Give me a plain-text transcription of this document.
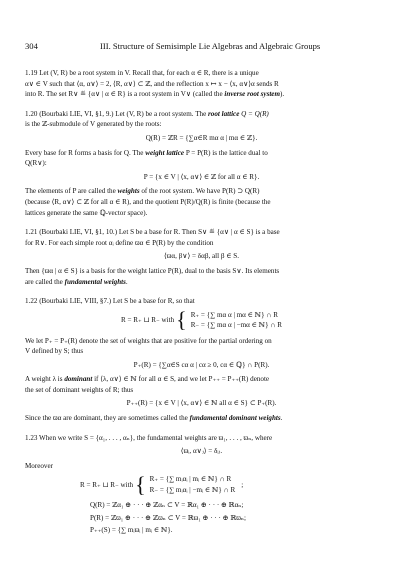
304	III. Structure of Semisimple Lie Algebras and Algebraic Groups
1.19 Let (V, R) be a root system in V. Recall that, for each α ∈ R, there is a unique
α∨ ∈ V such that ⟨α, α∨⟩ = 2, ⟨R, α∨⟩ ⊂ ℤ, and the reflection x ↦ x − ⟨x, α∨⟩α sends R
into R. The set R∨ ≝ {α∨ | α ∈ R} is a root system in V∨ (called the inverse root system).
1.20 (Bourbaki LIE, VI, §1, 9.) Let (V, R) be a root system. The root lattice Q = Q(R)
is the ℤ-submodule of V generated by the roots:
Q(R) = ℤR = {∑α∈R mα α | mα ∈ ℤ}.
Every base for R forms a basis for Q. The weight lattice P = P(R) is the lattice dual to
Q(R∨):
P = {x ∈ V | ⟨x, α∨⟩ ∈ ℤ for all α ∈ R}.
The elements of P are called the weights of the root system. We have P(R) ⊃ Q(R)
(because ⟨R, α∨⟩ ⊂ ℤ for all α ∈ R), and the quotient P(R)/Q(R) is finite (because the
lattices generate the same ℚ-vector space).
1.21 (Bourbaki LIE, VI, §1, 10.) Let S be a base for R. Then S∨ ≝ {α∨ | α ∈ S} is a base
for R∨. For each simple root αᵢ define ϖα ∈ P(R) by the condition
⟨ϖα, β∨⟩ = δαβ, all β ∈ S.
Then {ϖα | α ∈ S} is a basis for the weight lattice P(R), dual to the basis S∨. Its elements
are called the fundamental weights.
1.22 (Bourbaki LIE, VIII, §7.) Let S be a base for R, so that
R = R₊ ⊔ R₋ with { R₊ = {∑ mα α | mα ∈ ℕ} ∩ R
R₋ = {∑ mα α | −mα ∈ ℕ} ∩ R
We let P₊ = P₊(R) denote the set of weights that are positive for the partial ordering on
V defined by S; thus
P₊(R) = {∑α∈S cα α | cα ≥ 0, cα ∈ ℚ} ∩ P(R).
A weight λ is dominant if ⟨λ, α∨⟩ ∈ ℕ for all α ∈ S, and we let P₊₊ = P₊₊(R) denote
the set of dominant weights of R; thus
P₊₊(R) = {x ∈ V | ⟨x, α∨⟩ ∈ ℕ all α ∈ S} ⊂ P₊(R).
Since the ϖα are dominant, they are sometimes called the fundamental dominant weights.
1.23 When we write S = {α₁, . . . , αₙ}, the fundamental weights are ϖ₁, . . . , ϖₙ, where
⟨ϖᵢ, α∨ⱼ⟩ = δᵢⱼ.
Moreover
R = R₊ ⊔ R₋ with { R₊ = {∑ mᵢαᵢ | mᵢ ∈ ℕ} ∩ R
R₋ = {∑ mᵢαᵢ | −mᵢ ∈ ℕ} ∩ R
;
Q(R) = ℤα₁ ⊕ · · · ⊕ ℤαₙ ⊂ V = ℝα₁ ⊕ · · · ⊕ ℝαₙ;
P(R) = ℤϖ₁ ⊕ · · · ⊕ ℤϖₙ ⊂ V = ℝϖ₁ ⊕ · · · ⊕ ℝϖₙ;
P₊₊(S) = {∑ mᵢϖᵢ | mᵢ ∈ ℕ}.
